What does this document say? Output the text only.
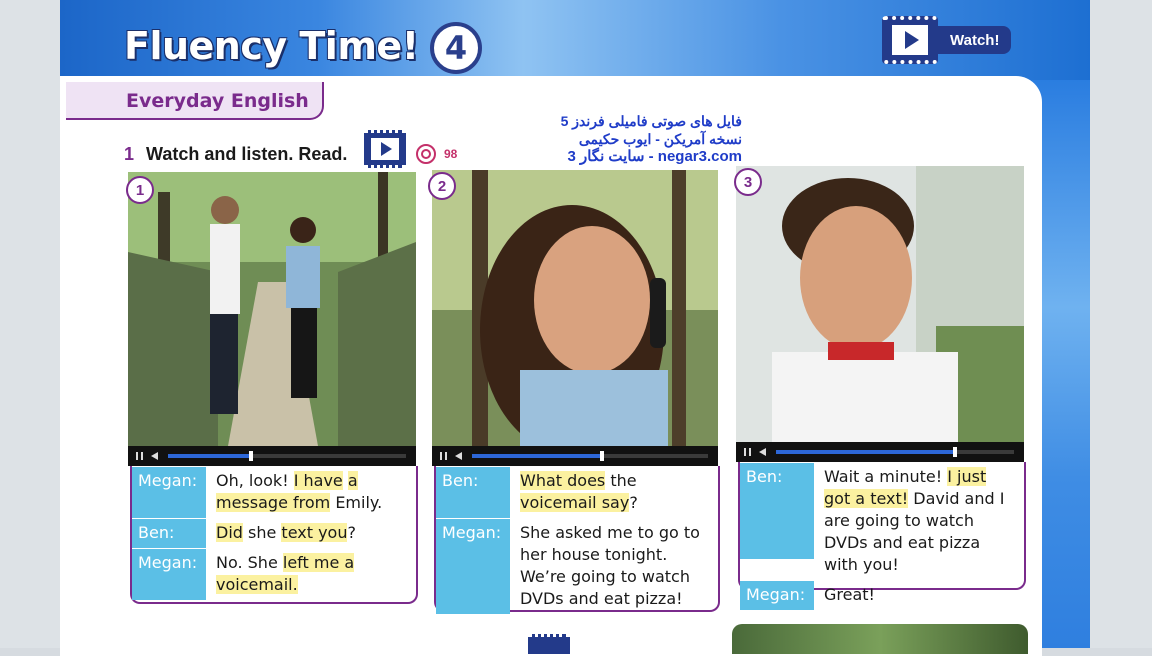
Fluency Time! 4	Watch!
Everyday English
1 Watch and listen. Read.	98
فایل های صوتی فامیلی فرندز 5
نسخه آمریکن - ایوب حکیمی
سایت نگار 3 - negar3.com
1
Megan:	Oh, look! I have a message from Emily.
Ben:	Did she text you?
Megan:	No. She left me a voicemail.
2
Ben:	What does the voicemail say?
Megan:	She asked me to go to her house tonight. We’re going to watch DVDs and eat pizza!
3
Ben:	Wait a minute! I just got a text! David and I are going to watch DVDs and eat pizza with you!
Megan:	Great!
